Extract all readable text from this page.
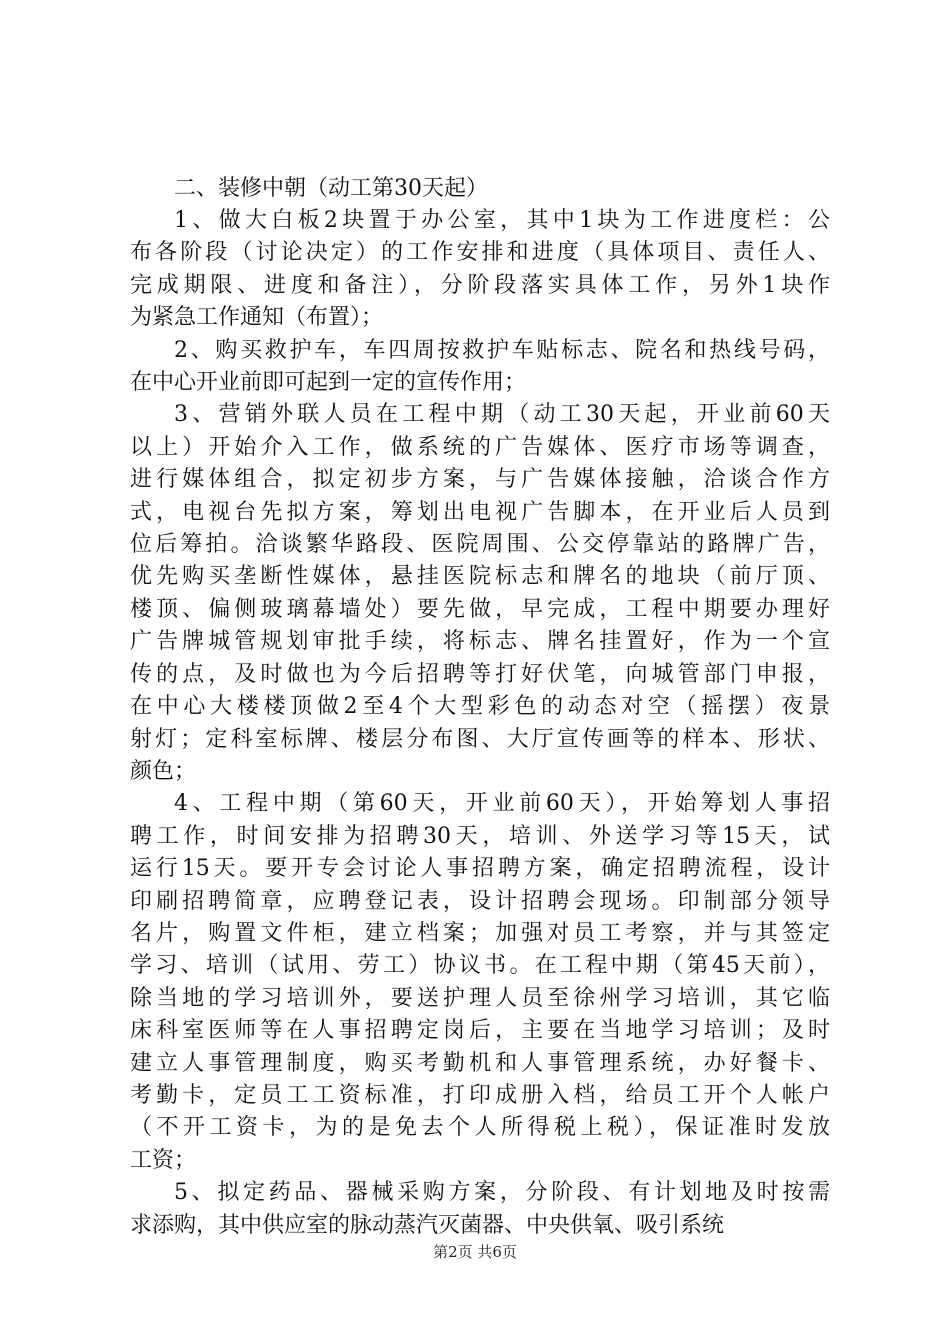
二、装修中朝（动工第30天起）

1、做大白板2块置于办公室，其中1块为工作进度栏：公
布各阶段（讨论决定）的工作安排和进度（具体项目、责任人、
完成期限、进度和备注），分阶段落实具体工作，另外1块作
为紧急工作通知（布置）；

2、购买救护车，车四周按救护车贴标志、院名和热线号码，
在中心开业前即可起到一定的宣传作用；

3、营销外联人员在工程中期（动工30天起，开业前60天
以上）开始介入工作，做系统的广告媒体、医疗市场等调查，
进行媒体组合，拟定初步方案，与广告媒体接触，洽谈合作方
式，电视台先拟方案，筹划出电视广告脚本，在开业后人员到
位后筹拍。洽谈繁华路段、医院周围、公交停靠站的路牌广告，
优先购买垄断性媒体，悬挂医院标志和牌名的地块（前厅顶、
楼顶、偏侧玻璃幕墙处）要先做，早完成，工程中期要办理好
广告牌城管规划审批手续，将标志、牌名挂置好，作为一个宣
传的点，及时做也为今后招聘等打好伏笔，向城管部门申报，
在中心大楼楼顶做2至4个大型彩色的动态对空（摇摆）夜景
射灯；定科室标牌、楼层分布图、大厅宣传画等的样本、形状、
颜色；

4、工程中期（第60天，开业前60天），开始筹划人事招
聘工作，时间安排为招聘30天，培训、外送学习等15天，试
运行15天。要开专会讨论人事招聘方案，确定招聘流程，设计
印刷招聘简章，应聘登记表，设计招聘会现场。印制部分领导
名片，购置文件柜，建立档案；加强对员工考察，并与其签定
学习、培训（试用、劳工）协议书。在工程中期（第45天前），
除当地的学习培训外，要送护理人员至徐州学习培训，其它临
床科室医师等在人事招聘定岗后，主要在当地学习培训；及时
建立人事管理制度，购买考勤机和人事管理系统，办好餐卡、
考勤卡，定员工工资标准，打印成册入档，给员工开个人帐户
（不开工资卡，为的是免去个人所得税上税），保证准时发放
工资；

5、拟定药品、器械采购方案，分阶段、有计划地及时按需
求添购，其中供应室的脉动蒸汽灭菌器、中央供氧、吸引系统

第2页 共6页
